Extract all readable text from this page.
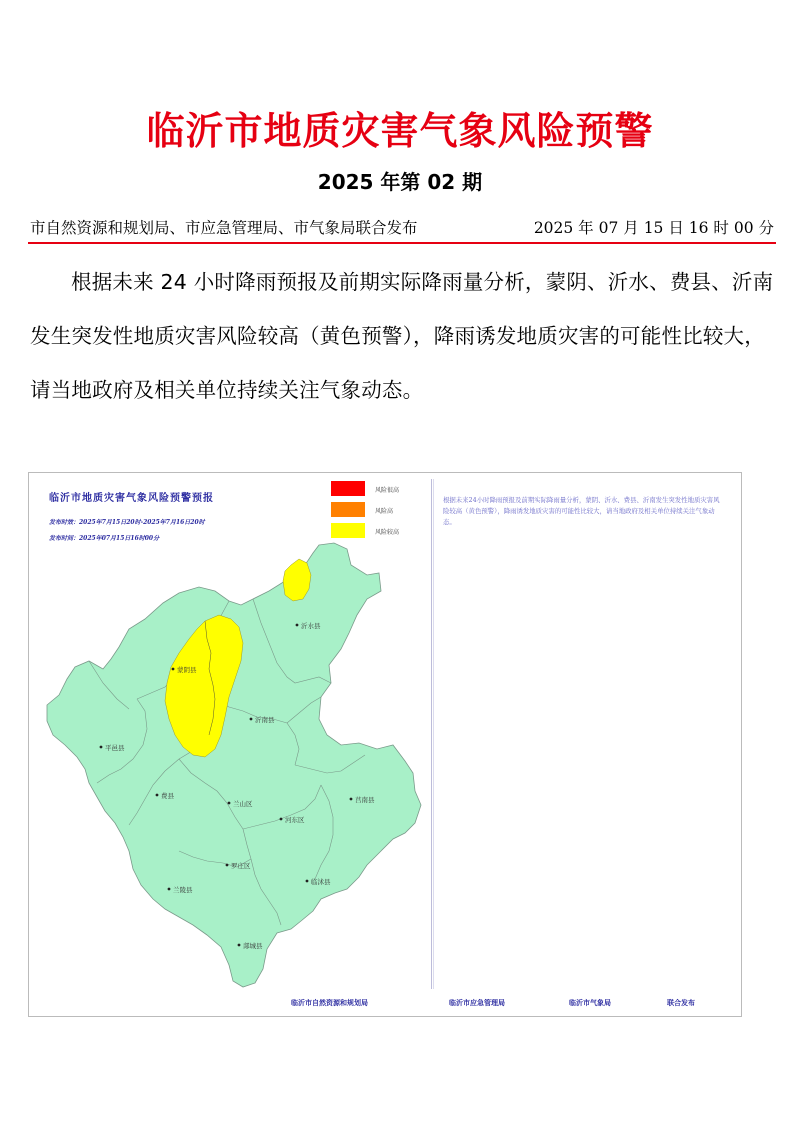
临沂市地质灾害气象风险预警
2025 年第 02 期
市自然资源和规划局、市应急管理局、市气象局联合发布	2025 年 07 月 15 日 16 时 00 分
根据未来 24 小时降雨预报及前期实际降雨量分析，蒙阴、沂水、费县、沂南发生突发性地质灾害风险较高（黄色预警），降雨诱发地质灾害的可能性比较大，请当地政府及相关单位持续关注气象动态。
临沂市地质灾害气象风险预警预报
发布时效：2025年7月15日20时-2025年7月16日20时
发布时间：2025年07月15日16时00分
风险很高
风险高
风险较高
沂水县
蒙阴县
沂南县
平邑县
费县
兰山区
河东区
莒南县
罗庄区
兰陵县
临沭县
郯城县
根据未来24小时降雨预报及前期实际降雨量分析，蒙阴、沂水、费县、沂南发生突发性地质灾害风险较高（黄色预警），降雨诱发地质灾害的可能性比较大，请当地政府及相关单位持续关注气象动态。
临沂市自然资源和规划局	临沂市应急管理局	临沂市气象局	联合发布
